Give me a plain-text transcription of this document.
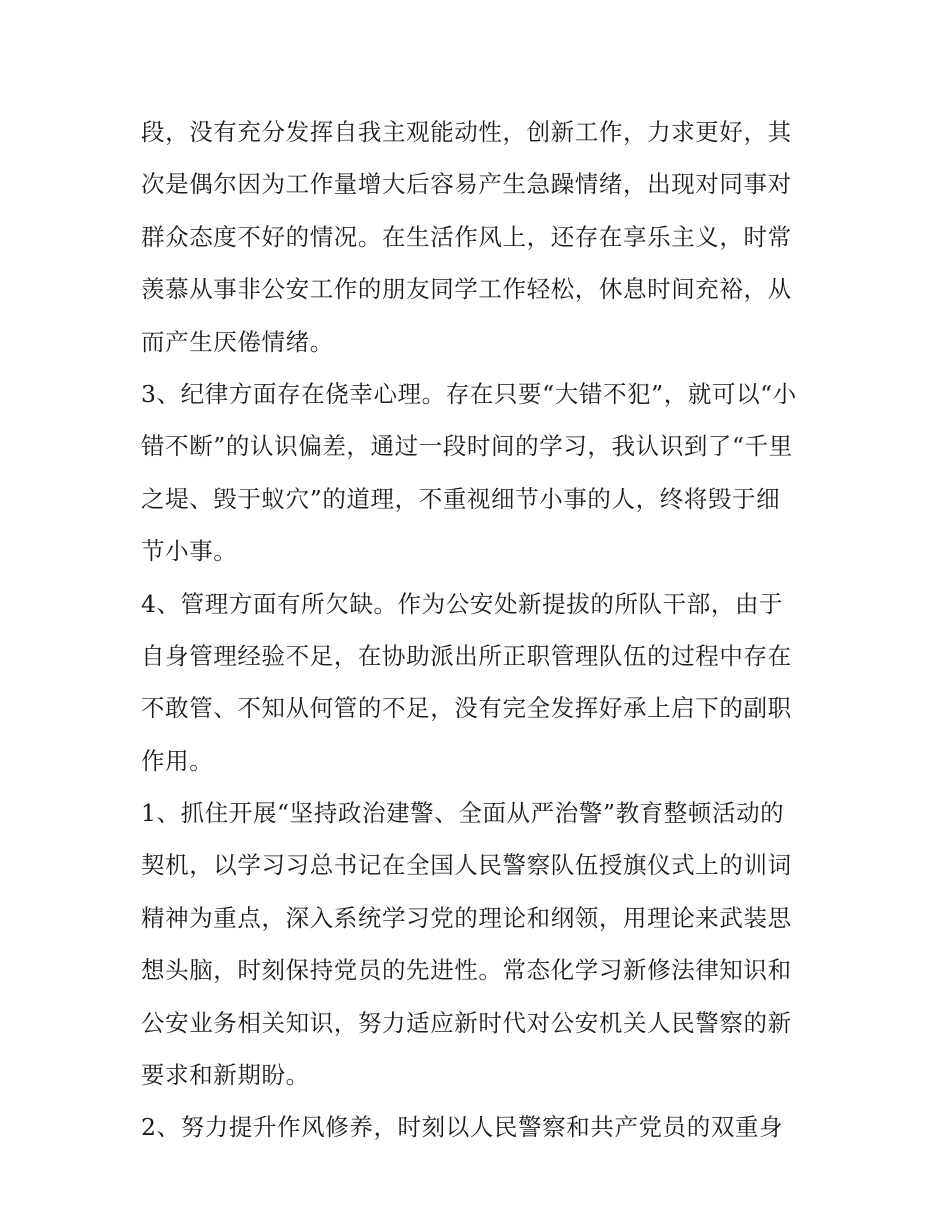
段，没有充分发挥自我主观能动性，创新工作，力求更好，其
次是偶尔因为工作量增大后容易产生急躁情绪，出现对同事对
群众态度不好的情况。在生活作风上，还存在享乐主义，时常
羡慕从事非公安工作的朋友同学工作轻松，休息时间充裕，从
而产生厌倦情绪。
3、纪律方面存在侥幸心理。存在只要“大错不犯”，就可以“小
错不断”的认识偏差，通过一段时间的学习，我认识到了“千里
之堤、毁于蚁穴”的道理，不重视细节小事的人，终将毁于细
节小事。
4、管理方面有所欠缺。作为公安处新提拔的所队干部，由于
自身管理经验不足，在协助派出所正职管理队伍的过程中存在
不敢管、不知从何管的不足，没有完全发挥好承上启下的副职
作用。
1、抓住开展“坚持政治建警、全面从严治警”教育整顿活动的
契机，以学习习总书记在全国人民警察队伍授旗仪式上的训词
精神为重点，深入系统学习党的理论和纲领，用理论来武装思
想头脑，时刻保持党员的先进性。常态化学习新修法律知识和
公安业务相关知识，努力适应新时代对公安机关人民警察的新
要求和新期盼。
2、努力提升作风修养，时刻以人民警察和共产党员的双重身
